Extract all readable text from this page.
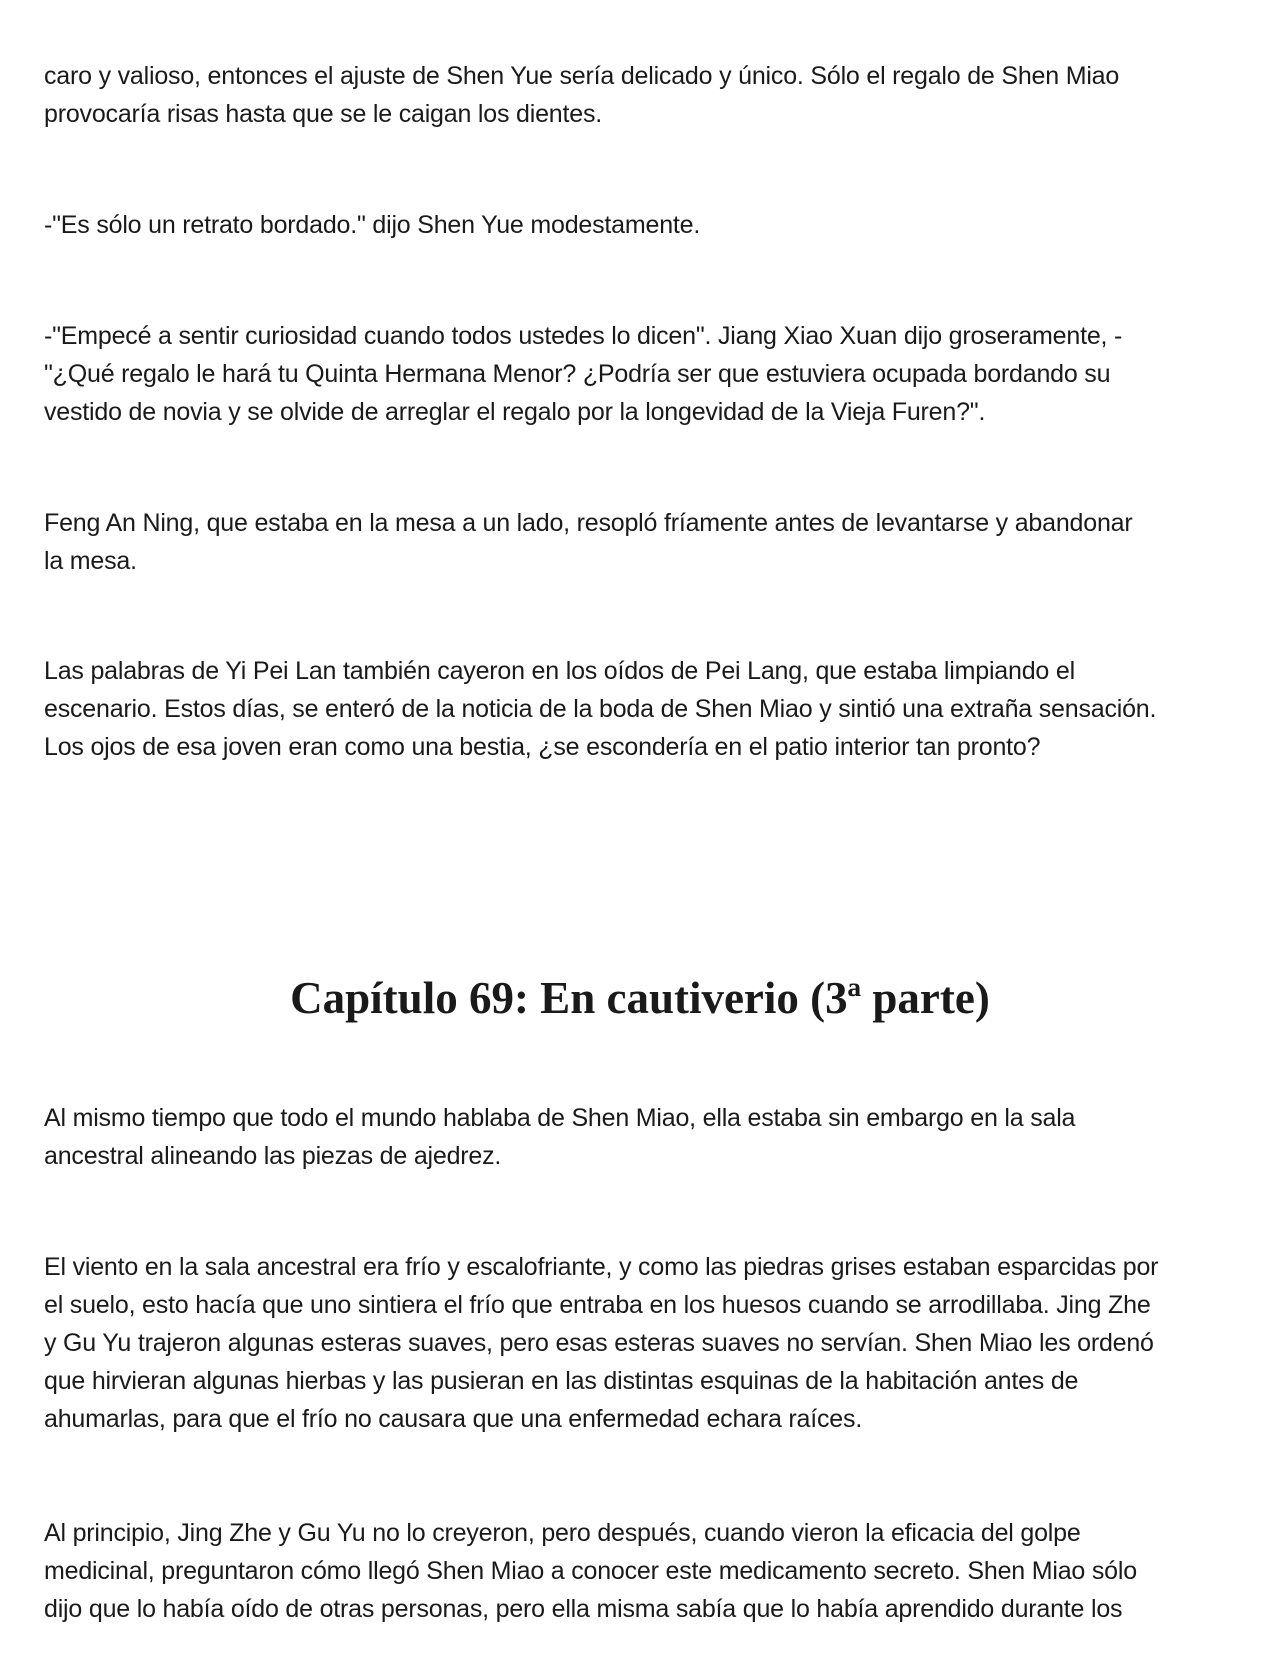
caro y valioso, entonces el ajuste de Shen Yue sería delicado y único. Sólo el regalo de Shen Miao
provocaría risas hasta que se le caigan los dientes.

-"Es sólo un retrato bordado." dijo Shen Yue modestamente.

-"Empecé a sentir curiosidad cuando todos ustedes lo dicen". Jiang Xiao Xuan dijo groseramente, -
"¿Qué regalo le hará tu Quinta Hermana Menor? ¿Podría ser que estuviera ocupada bordando su
vestido de novia y se olvide de arreglar el regalo por la longevidad de la Vieja Furen?".

Feng An Ning, que estaba en la mesa a un lado, resopló fríamente antes de levantarse y abandonar
la mesa.

Las palabras de Yi Pei Lan también cayeron en los oídos de Pei Lang, que estaba limpiando el
escenario. Estos días, se enteró de la noticia de la boda de Shen Miao y sintió una extraña sensación.
Los ojos de esa joven eran como una bestia, ¿se escondería en el patio interior tan pronto?

Capítulo 69: En cautiverio (3ª parte)

Al mismo tiempo que todo el mundo hablaba de Shen Miao, ella estaba sin embargo en la sala
ancestral alineando las piezas de ajedrez.

El viento en la sala ancestral era frío y escalofriante, y como las piedras grises estaban esparcidas por
el suelo, esto hacía que uno sintiera el frío que entraba en los huesos cuando se arrodillaba. Jing Zhe
y Gu Yu trajeron algunas esteras suaves, pero esas esteras suaves no servían. Shen Miao les ordenó
que hirvieran algunas hierbas y las pusieran en las distintas esquinas de la habitación antes de
ahumarlas, para que el frío no causara que una enfermedad echara raíces.

Al principio, Jing Zhe y Gu Yu no lo creyeron, pero después, cuando vieron la eficacia del golpe
medicinal, preguntaron cómo llegó Shen Miao a conocer este medicamento secreto. Shen Miao sólo
dijo que lo había oído de otras personas, pero ella misma sabía que lo había aprendido durante los
